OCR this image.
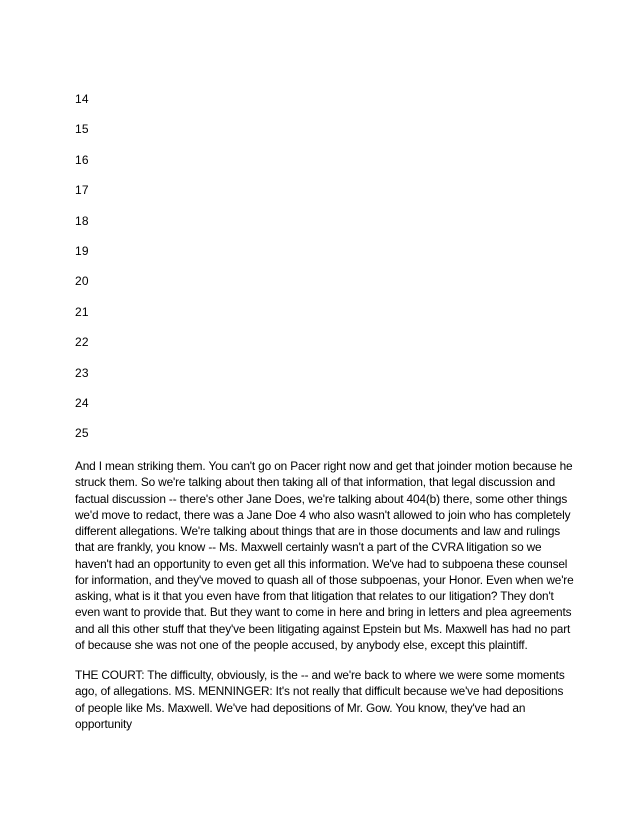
14
15
16
17
18
19
20
21
22
23
24
25

And I mean striking them. You can't go on Pacer right now and get that joinder motion because he struck them. So we're talking about then taking all of that information, that legal discussion and factual discussion -- there's other Jane Does, we're talking about 404(b) there, some other things we'd move to redact, there was a Jane Doe 4 who also wasn't allowed to join who has completely different allegations. We're talking about things that are in those documents and law and rulings that are frankly, you know -- Ms. Maxwell certainly wasn't a part of the CVRA litigation so we haven't had an opportunity to even get all this information. We've had to subpoena these counsel for information, and they've moved to quash all of those subpoenas, your Honor. Even when we're asking, what is it that you even have from that litigation that relates to our litigation? They don't even want to provide that. But they want to come in here and bring in letters and plea agreements and all this other stuff that they've been litigating against Epstein but Ms. Maxwell has had no part of because she was not one of the people accused, by anybody else, except this plaintiff.

THE COURT: The difficulty, obviously, is the -- and we're back to where we were some moments ago, of allegations. MS. MENNINGER: It's not really that difficult because we've had depositions of people like Ms. Maxwell. We've had depositions of Mr. Gow. You know, they've had an opportunity
